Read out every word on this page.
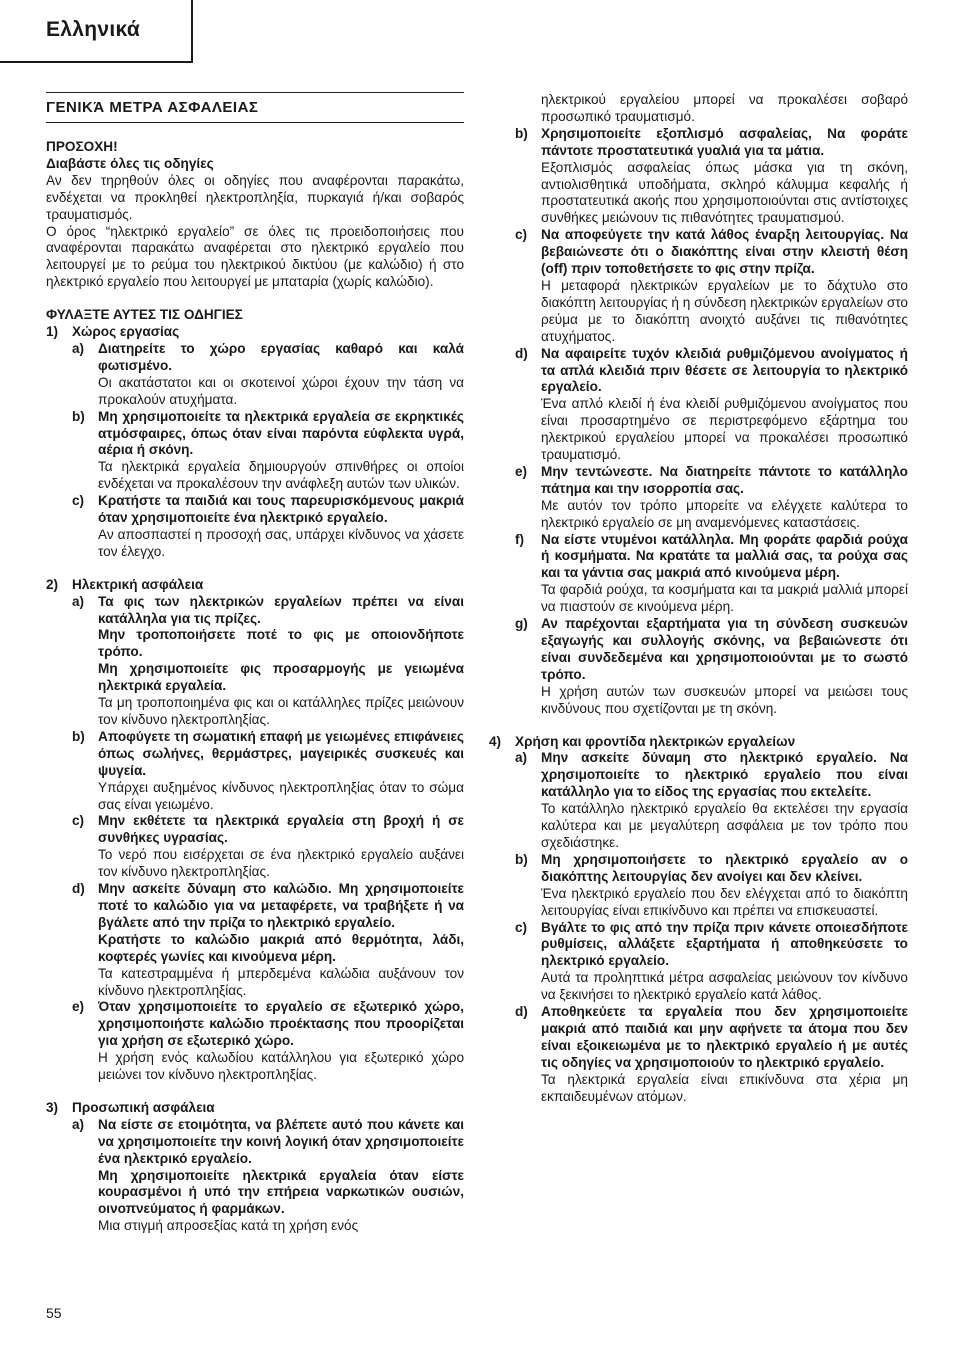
Ελληνικά
ΓΕΝΙΚΆ ΜΕΤΡΑ ΑΣΦΑΛΕΙΑΣ
ΠΡΟΣΟΧΗ!
Διαβάστε όλες τις οδηγίες
Αν δεν τηρηθούν όλες οι οδηγίες που αναφέρονται παρακάτω, ενδέχεται να προκληθεί ηλεκτροπληξία, πυρκαγιά ή/και σοβαρός τραυματισμός.
Ο όρος “ηλεκτρικό εργαλείο” σε όλες τις προειδοποιήσεις που αναφέρονται παρακάτω αναφέρεται στο ηλεκτρικό εργαλείο που λειτουργεί με το ρεύμα του ηλεκτρικού δικτύου (με καλώδιο) ή στο ηλεκτρικό εργαλείο που λειτουργεί με μπαταρία (χωρίς καλώδιο).
ΦΥΛΑΞΤΕ ΑΥΤΕΣ ΤΙΣ ΟΔΗΓΙΕΣ
1)	Χώρος εργασίας
a)	Διατηρείτε το χώρο εργασίας καθαρό και καλά φωτισμένο.
Οι ακατάστατοι και οι σκοτεινοί χώροι έχουν την τάση να προκαλούν ατυχήματα.
b) Μη χρησιμοποιείτε τα ηλεκτρικά εργαλεία σε εκρηκτικές ατμόσφαιρες, όπως όταν είναι παρόντα εύφλεκτα υγρά, αέρια ή σκόνη.
Τα ηλεκτρικά εργαλεία δημιουργούν σπινθήρες οι οποίοι ενδέχεται να προκαλέσουν την ανάφλεξη αυτών των υλικών.
c)	Κρατήστε τα παιδιά και τους παρευρισκόμενους μακριά όταν χρησιμοποιείτε ένα ηλεκτρικό εργαλείο.
Αν αποσπαστεί η προσοχή σας, υπάρχει κίνδυνος να χάσετε τον έλεγχο.
2)	Ηλεκτρική ασφάλεια
a)	Τα φις των ηλεκτρικών εργαλείων πρέπει να είναι κατάλληλα για τις πρίζες.
Μην τροποποιήσετε ποτέ το φις με οποιονδήποτε τρόπο.
Μη χρησιμοποιείτε φις προσαρμογής με γειωμένα ηλεκτρικά εργαλεία.
Τα μη τροποποιημένα φις και οι κατάλληλες πρίζες μειώνουν τον κίνδυνο ηλεκτροπληξίας.
b) Αποφύγετε τη σωματική επαφή με γειωμένες επιφάνειες όπως σωλήνες, θερμάστρες, μαγειρικές συσκευές και ψυγεία.
Υπάρχει αυξημένος κίνδυνος ηλεκτροπληξίας όταν το σώμα σας είναι γειωμένο.
c)	Μην εκθέτετε τα ηλεκτρικά εργαλεία στη βροχή ή σε συνθήκες υγρασίας.
Το νερό που εισέρχεται σε ένα ηλεκτρικό εργαλείο αυξάνει τον κίνδυνο ηλεκτροπληξίας.
d) Μην ασκείτε δύναμη στο καλώδιο. Μη χρησιμοποιείτε ποτέ το καλώδιο για να μεταφέρετε, να τραβήξετε ή να βγάλετε από την πρίζα το ηλεκτρικό εργαλείο.
Κρατήστε το καλώδιο μακριά από θερμότητα, λάδι, κοφτερές γωνίες και κινούμενα μέρη.
Τα κατεστραμμένα ή μπερδεμένα καλώδια αυξάνουν τον κίνδυνο ηλεκτροπληξίας.
e)	Όταν χρησιμοποιείτε το εργαλείο σε εξωτερικό χώρο, χρησιμοποιήστε καλώδιο προέκτασης που προορίζεται για χρήση σε εξωτερικό χώρο.
Η χρήση ενός καλωδίου κατάλληλου για εξωτερικό χώρο μειώνει τον κίνδυνο ηλεκτροπληξίας.
3)	Προσωπική ασφάλεια
a)	Να είστε σε ετοιμότητα, να βλέπετε αυτό που κάνετε και να χρησιμοποιείτε την κοινή λογική όταν χρησιμοποιείτε ένα ηλεκτρικό εργαλείο.
Μη χρησιμοποιείτε ηλεκτρικά εργαλεία όταν είστε κουρασμένοι ή υπό την επήρεια ναρκωτικών ουσιών, οινοπνεύματος ή φαρμάκων.
Μια στιγμή απροσεξίας κατά τη χρήση ενός
ηλεκτρικού εργαλείου μπορεί να προκαλέσει σοβαρό προσωπικό τραυματισμό.
b) Χρησιμοποιείτε εξοπλισμό ασφαλείας, Να φοράτε πάντοτε προστατευτικά γυαλιά για τα μάτια.
Εξοπλισμός ασφαλείας όπως μάσκα για τη σκόνη, αντιολισθητικά υποδήματα, σκληρό κάλυμμα κεφαλής ή προστατευτικά ακοής που χρησιμοποιούνται στις αντίστοιχες συνθήκες μειώνουν τις πιθανότητες τραυματισμού.
c)	Να αποφεύγετε την κατά λάθος έναρξη λειτουργίας. Να βεβαιώνεστε ότι ο διακόπτης είναι στην κλειστή θέση (off) πριν τοποθετήσετε το φις στην πρίζα.
Η μεταφορά ηλεκτρικών εργαλείων με το δάχτυλο στο διακόπτη λειτουργίας ή η σύνδεση ηλεκτρικών εργαλείων στο ρεύμα με το διακόπτη ανοιχτό αυξάνει τις πιθανότητες ατυχήματος.
d) Να αφαιρείτε τυχόν κλειδιά ρυθμιζόμενου ανοίγματος ή τα απλά κλειδιά πριν θέσετε σε λειτουργία το ηλεκτρικό εργαλείο.
Ένα απλό κλειδί ή ένα κλειδί ρυθμιζόμενου ανοίγματος που είναι προσαρτημένο σε περιστρεφόμενο εξάρτημα του ηλεκτρικού εργαλείου μπορεί να προκαλέσει προσωπικό τραυματισμό.
e)	Μην τεντώνεστε. Να διατηρείτε πάντοτε το κατάλληλο πάτημα και την ισορροπία σας.
Με αυτόν τον τρόπο μπορείτε να ελέγχετε καλύτερα το ηλεκτρικό εργαλείο σε μη αναμενόμενες καταστάσεις.
f)	Να είστε ντυμένοι κατάλληλα. Μη φοράτε φαρδιά ρούχα ή κοσμήματα. Να κρατάτε τα μαλλιά σας, τα ρούχα σας και τα γάντια σας μακριά από κινούμενα μέρη.
Τα φαρδιά ρούχα, τα κοσμήματα και τα μακριά μαλλιά μπορεί να πιαστούν σε κινούμενα μέρη.
g) Αν παρέχονται εξαρτήματα για τη σύνδεση συσκευών εξαγωγής και συλλογής σκόνης, να βεβαιώνεστε ότι είναι συνδεδεμένα και χρησιμοποιούνται με το σωστό τρόπο.
Η χρήση αυτών των συσκευών μπορεί να μειώσει τους κινδύνους που σχετίζονται με τη σκόνη.
4)	Χρήση και φροντίδα ηλεκτρικών εργαλείων
a)	Μην ασκείτε δύναμη στο ηλεκτρικό εργαλείο. Να χρησιμοποιείτε το ηλεκτρικό εργαλείο που είναι κατάλληλο για το είδος της εργασίας που εκτελείτε.
Το κατάλληλο ηλεκτρικό εργαλείο θα εκτελέσει την εργασία καλύτερα και με μεγαλύτερη ασφάλεια με τον τρόπο που σχεδιάστηκε.
b) Μη χρησιμοποιήσετε το ηλεκτρικό εργαλείο αν ο διακόπτης λειτουργίας δεν ανοίγει και δεν κλείνει.
Ένα ηλεκτρικό εργαλείο που δεν ελέγχεται από το διακόπτη λειτουργίας είναι επικίνδυνο και πρέπει να επισκευαστεί.
c)	Βγάλτε το φις από την πρίζα πριν κάνετε οποιεσδήποτε ρυθμίσεις, αλλάξετε εξαρτήματα ή αποθηκεύσετε το ηλεκτρικό εργαλείο.
Αυτά τα προληπτικά μέτρα ασφαλείας μειώνουν τον κίνδυνο να ξεκινήσει το ηλεκτρικό εργαλείο κατά λάθος.
d) Αποθηκεύετε τα εργαλεία που δεν χρησιμοποιείτε μακριά από παιδιά και μην αφήνετε τα άτομα που δεν είναι εξοικειωμένα με το ηλεκτρικό εργαλείο ή με αυτές τις οδηγίες να χρησιμοποιούν το ηλεκτρικό εργαλείο.
Τα ηλεκτρικά εργαλεία είναι επικίνδυνα στα χέρια μη εκπαιδευμένων ατόμων.
55
